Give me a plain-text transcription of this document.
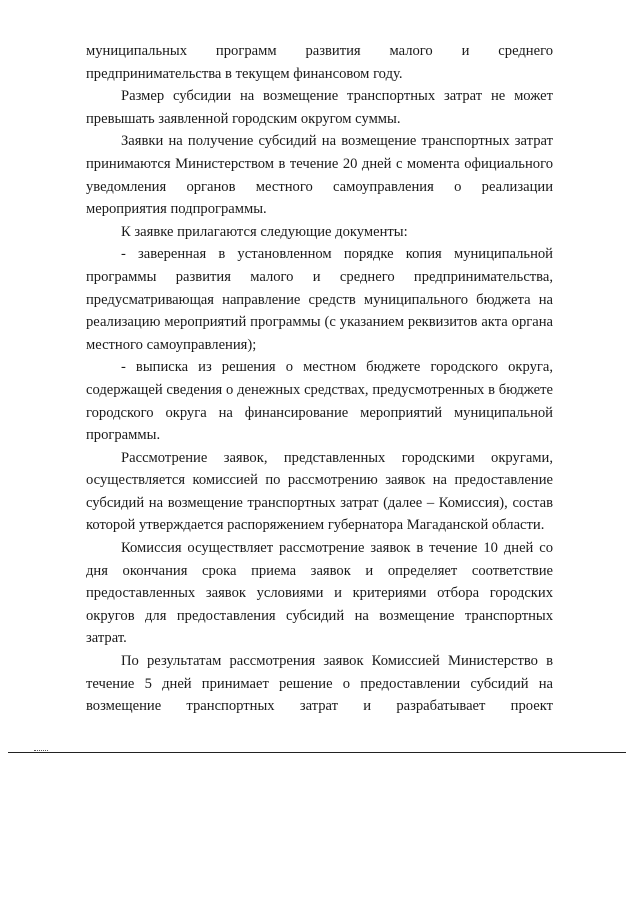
муниципальных программ развития малого и среднего предпринимательства в текущем финансовом году.

Размер субсидии на возмещение транспортных затрат не может превышать заявленной городским округом суммы.

Заявки на получение субсидий на возмещение транспортных затрат принимаются Министерством в течение 20 дней с момента официального уведомления органов местного самоуправления о реализации мероприятия подпрограммы.

К заявке прилагаются следующие документы:

- заверенная в установленном порядке копия муниципальной программы развития малого и среднего предпринимательства, предусматривающая направление средств муниципального бюджета на реализацию мероприятий программы (с указанием реквизитов акта органа местного самоуправления);

- выписка из решения о местном бюджете городского округа, содержащей сведения о денежных средствах, предусмотренных в бюджете городского округа на финансирование мероприятий муниципальной программы.

Рассмотрение заявок, представленных городскими округами, осуществляется комиссией по рассмотрению заявок на предоставление субсидий на возмещение транспортных затрат (далее – Комиссия), состав которой утверждается распоряжением губернатора Магаданской области.

Комиссия осуществляет рассмотрение заявок в течение 10 дней со дня окончания срока приема заявок и определяет соответствие предоставленных заявок условиями и критериями отбора городских округов для предоставления субсидий на возмещение транспортных затрат.

По результатам рассмотрения заявок Комиссией Министерство в течение 5 дней принимает решение о предоставлении субсидий на возмещение транспортных затрат и разрабатывает проект
